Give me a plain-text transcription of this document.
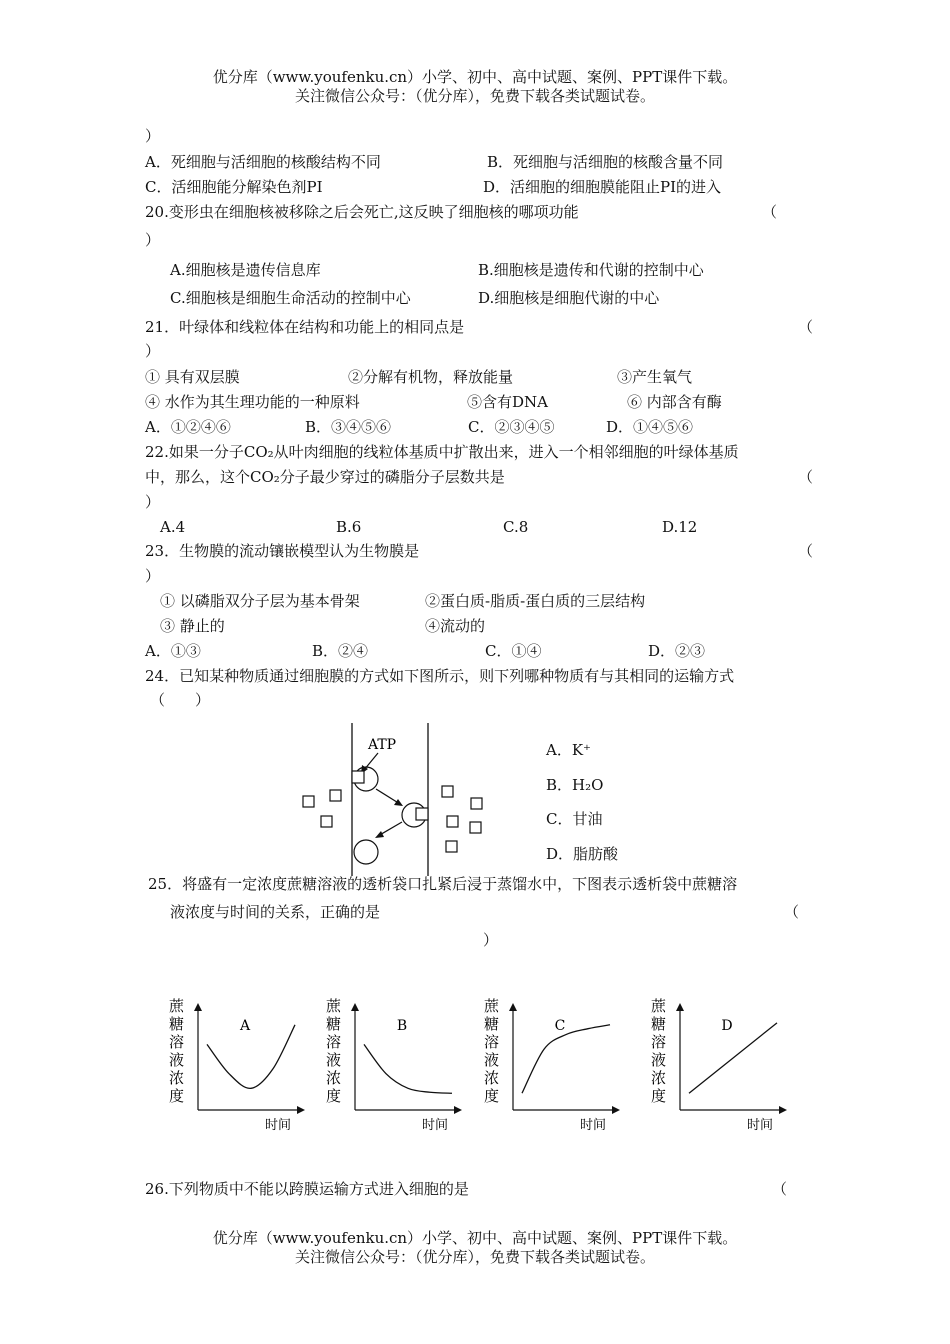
优分库（www.youfenku.cn）小学、初中、高中试题、案例、PPT课件下载。
关注微信公众号：（优分库），免费下载各类试题试卷。
）
A．死细胞与活细胞的核酸结构不同	B．死细胞与活细胞的核酸含量不同
C．活细胞能分解染色剂PI	D．活细胞的细胞膜能阻止PI的进入
20.变形虫在细胞核被移除之后会死亡,这反映了细胞核的哪项功能	（
）
A.细胞核是遗传信息库	B.细胞核是遗传和代谢的控制中心
C.细胞核是细胞生命活动的控制中心	D.细胞核是细胞代谢的中心
21．叶绿体和线粒体在结构和功能上的相同点是	（
）
① 具有双层膜	②分解有机物，释放能量	③产生氧气
④ 水作为其生理功能的一种原料	⑤含有DNA	⑥ 内部含有酶
A．①②④⑥	B．③④⑤⑥	C．②③④⑤	D．①④⑤⑥
22.如果一分子CO₂从叶肉细胞的线粒体基质中扩散出来，进入一个相邻细胞的叶绿体基质
中，那么，这个CO₂分子最少穿过的磷脂分子层数共是	（
）
A.4	B.6	C.8	D.12
23．生物膜的流动镶嵌模型认为生物膜是	（
）
① 以磷脂双分子层为基本骨架	②蛋白质-脂质-蛋白质的三层结构
③ 静止的	④流动的
A．①③	B．②④	C．①④	D．②③
24．已知某种物质通过细胞膜的方式如下图所示，则下列哪种物质有与其相同的运输方式
（　　）
ATP	A．K⁺
B．H₂O
C．甘油
D．脂肪酸
25．将盛有一定浓度蔗糖溶液的透析袋口扎紧后浸于蒸馏水中，下图表示透析袋中蔗糖溶
液浓度与时间的关系，正确的是	（
）
蔗
糖
溶
液
浓
度
A
时间
蔗
糖
溶
液
浓
度
B
时间
蔗
糖
溶
液
浓
度
C
时间
蔗
糖
溶
液
浓
度
D
时间
26.下列物质中不能以跨膜运输方式进入细胞的是	（
优分库（www.youfenku.cn）小学、初中、高中试题、案例、PPT课件下载。
关注微信公众号：（优分库），免费下载各类试题试卷。
